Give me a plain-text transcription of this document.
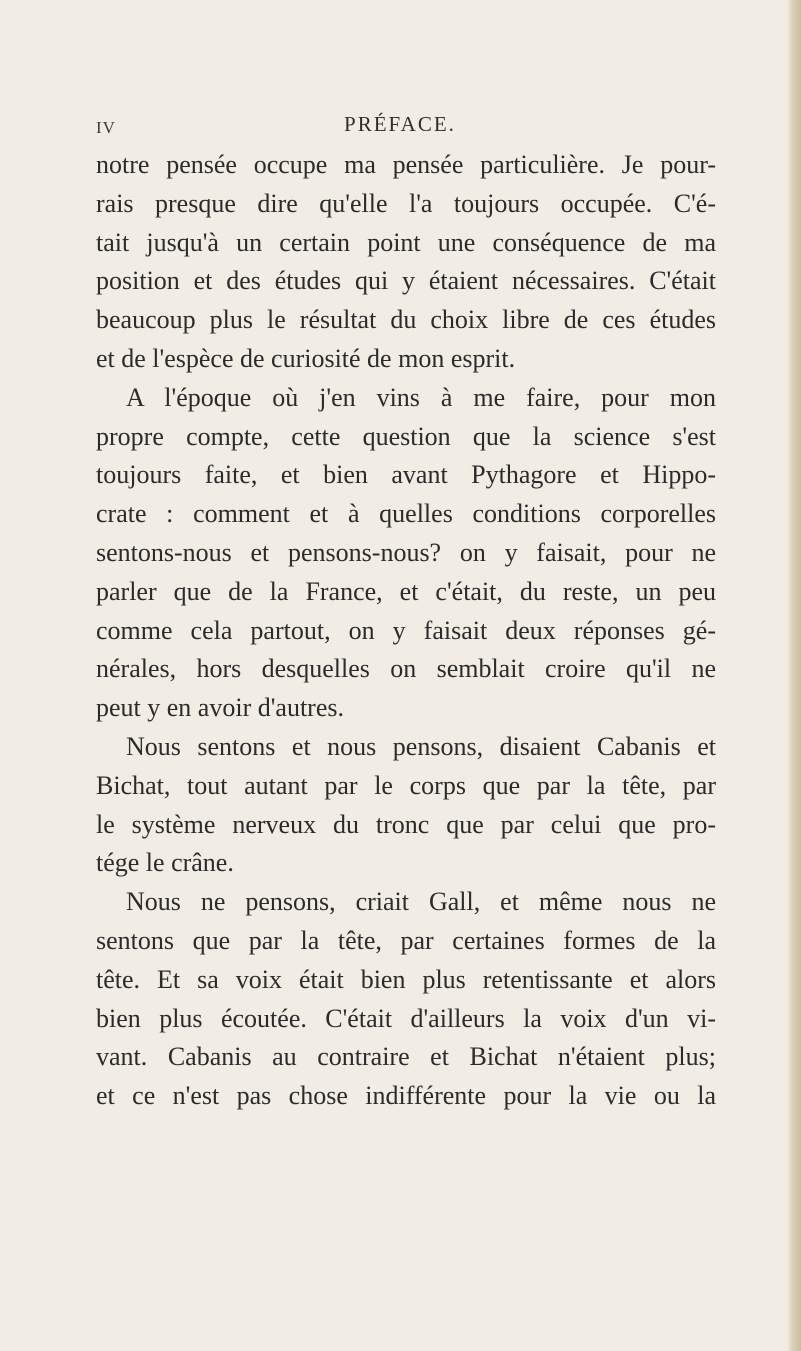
IV	PRÉFACE.
notre pensée occupe ma pensée particulière. Je pour-
rais presque dire qu'elle l'a toujours occupée. C'é-
tait jusqu'à un certain point une conséquence de ma
position et des études qui y étaient nécessaires. C'était
beaucoup plus le résultat du choix libre de ces études
et de l'espèce de curiosité de mon esprit.
A l'époque où j'en vins à me faire, pour mon
propre compte, cette question que la science s'est
toujours faite, et bien avant Pythagore et Hippo-
crate : comment et à quelles conditions corporelles
sentons-nous et pensons-nous? on y faisait, pour ne
parler que de la France, et c'était, du reste, un peu
comme cela partout, on y faisait deux réponses gé-
nérales, hors desquelles on semblait croire qu'il ne
peut y en avoir d'autres.
Nous sentons et nous pensons, disaient Cabanis et
Bichat, tout autant par le corps que par la tête, par
le système nerveux du tronc que par celui que pro-
tége le crâne.
Nous ne pensons, criait Gall, et même nous ne
sentons que par la tête, par certaines formes de la
tête. Et sa voix était bien plus retentissante et alors
bien plus écoutée. C'était d'ailleurs la voix d'un vi-
vant. Cabanis au contraire et Bichat n'étaient plus;
et ce n'est pas chose indifférente pour la vie ou la
